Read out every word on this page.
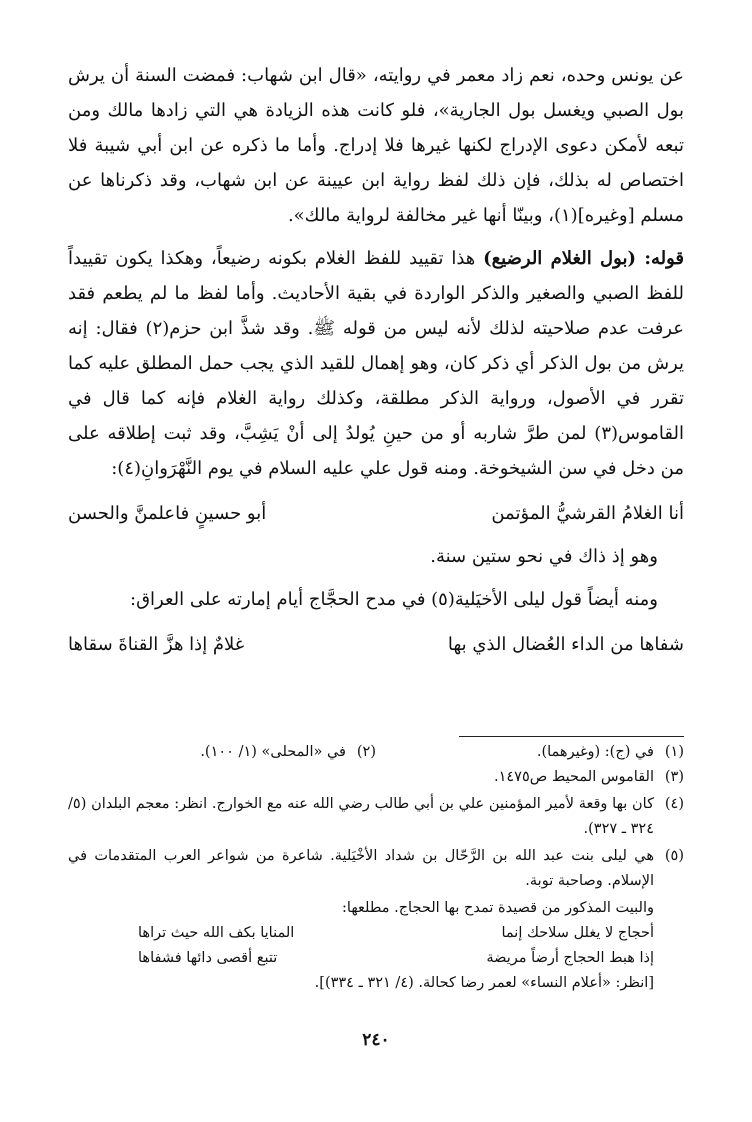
عن يونس وحده، نعم زاد معمر في روايته، «قال ابن شهاب: فمضت السنة أن يرش بول الصبي ويغسل بول الجارية»، فلو كانت هذه الزيادة هي التي زادها مالك ومن تبعه لأمكن دعوى الإدراج لكنها غيرها فلا إدراج. وأما ما ذكره عن ابن أبي شيبة فلا اختصاص له بذلك، فإن ذلك لفظ رواية ابن عيينة عن ابن شهاب، وقد ذكرناها عن مسلم [وغيره](١)، وبينّا أنها غير مخالفة لرواية مالك».

قوله: (بول الغلام الرضيع) هذا تقييد للفظ الغلام بكونه رضيعاً، وهكذا يكون تقييداً للفظ الصبي والصغير والذكر الواردة في بقية الأحاديث. وأما لفظ ما لم يطعم فقد عرفت عدم صلاحيته لذلك لأنه ليس من قوله ﷺ. وقد شذَّ ابن حزم(٢) فقال: إنه يرش من بول الذكر أي ذكر كان، وهو إهمال للقيد الذي يجب حمل المطلق عليه كما تقرر في الأصول، ورواية الذكر مطلقة، وكذلك رواية الغلام فإنه كما قال في القاموس(٣) لمن طرَّ شاربه أو من حينِ يُولدُ إلى أنْ يَشِبَّ، وقد ثبت إطلاقه على من دخل في سن الشيخوخة. ومنه قول علي عليه السلام في يوم النَّهْرَوانِ(٤):

أنا الغلامُ القرشيُّ المؤتمن
أبو حسينٍ فاعلمنَّ والحسن

وهو إذ ذاك في نحو ستين سنة.

ومنه أيضاً قول ليلى الأخيَلية(٥) في مدح الحجَّاج أيام إمارته على العراق:

شفاها من الداء العُضال الذي بها
غلامٌ إذا هزَّ القناةَ سقاها
(١)
في (ج): (وغيرهما).
(٢)
في «المحلى» (١/ ١٠٠).
(٣)
القاموس المحيط ص١٤٧٥.
(٤)
كان بها وقعة لأمير المؤمنين علي بن أبي طالب رضي الله عنه مع الخوارج. انظر: معجم البلدان (٥/ ٣٢٤ ـ ٣٢٧).
(٥)
هي ليلى بنت عبد الله بن الرَّحّال بن شداد الأخْيَلية. شاعرة من شواعر العرب المتقدمات في الإسلام. وصاحبة توبة.
والبيت المذكور من قصيدة تمدح بها الحجاج. مطلعها:
أحجاج لا يغلل سلاحك إنما
المنايا بكف الله حيث تراها
إذا هبط الحجاج أرضاً مريضة
تتبع أقصى دائها فشفاها
[انظر: «أعلام النساء» لعمر رضا كحالة. (٤/ ٣٢١ ـ ٣٣٤)].
٢٤٠
